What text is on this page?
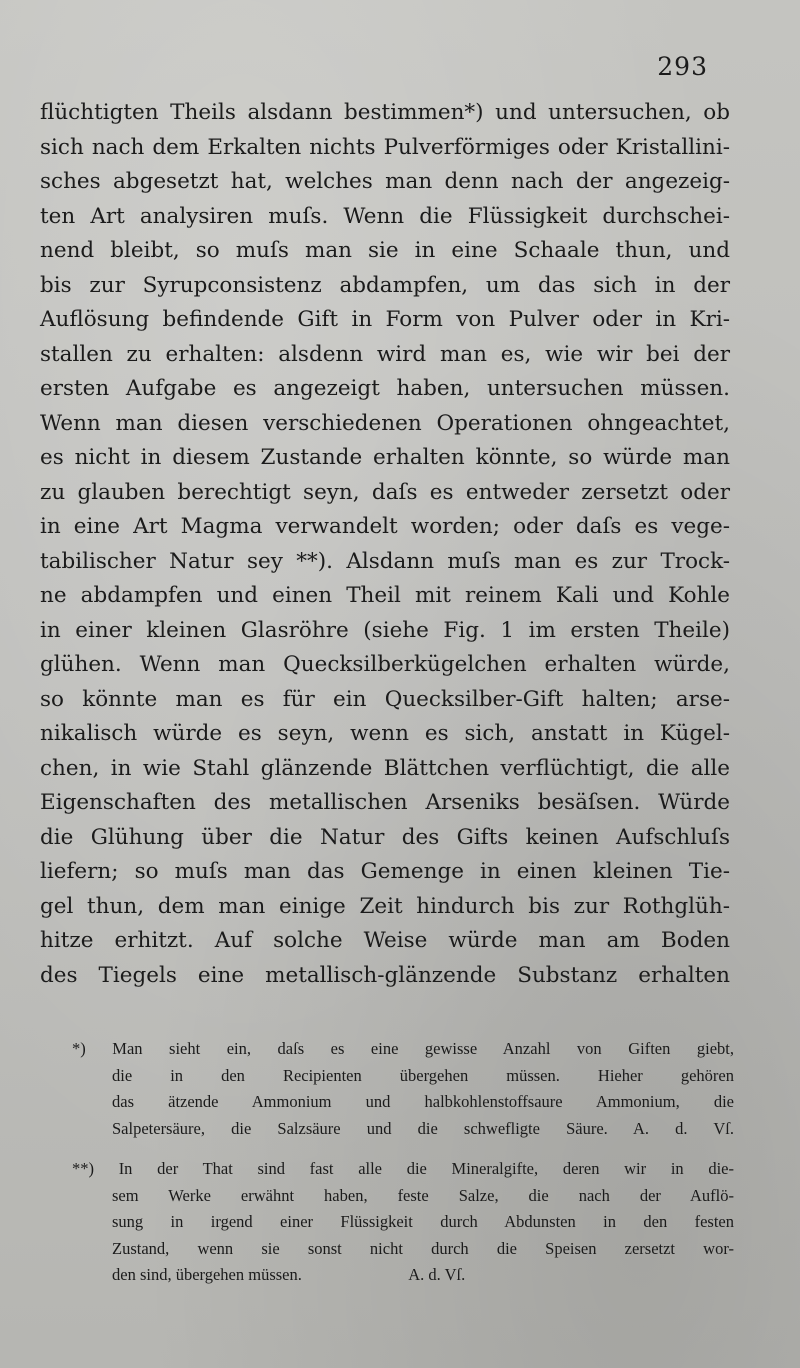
293
flüchtigten Theils alsdann bestimmen*) und untersuchen, ob
sich nach dem Erkalten nichts Pulverförmiges oder Kristallini-
sches abgesetzt hat, welches man denn nach der angezeig-
ten Art analysiren muſs. Wenn die Flüssigkeit durchschei-
nend bleibt, so muſs man sie in eine Schaale thun, und
bis zur Syrupconsistenz abdampfen, um das sich in der
Auflösung befindende Gift in Form von Pulver oder in Kri-
stallen zu erhalten: alsdenn wird man es, wie wir bei der
ersten Aufgabe es angezeigt haben, untersuchen müssen.
Wenn man diesen verschiedenen Operationen ohngeachtet,
es nicht in diesem Zustande erhalten könnte, so würde man
zu glauben berechtigt seyn, daſs es entweder zersetzt oder
in eine Art Magma verwandelt worden; oder daſs es vege-
tabilischer Natur sey **). Alsdann muſs man es zur Trock-
ne abdampfen und einen Theil mit reinem Kali und Kohle
in einer kleinen Glasröhre (siehe Fig. 1 im ersten Theile)
glühen. Wenn man Quecksilberkügelchen erhalten würde,
so könnte man es für ein Quecksilber-Gift halten; arse-
nikalisch würde es seyn, wenn es sich, anstatt in Kügel-
chen, in wie Stahl glänzende Blättchen verflüchtigt, die alle
Eigenschaften des metallischen Arseniks besäſsen. Würde
die Glühung über die Natur des Gifts keinen Aufschluſs
liefern; so muſs man das Gemenge in einen kleinen Tie-
gel thun, dem man einige Zeit hindurch bis zur Rothglüh-
hitze erhitzt. Auf solche Weise würde man am Boden
des Tiegels eine metallisch-glänzende Substanz erhalten
*) Man sieht ein, daſs es eine gewisse Anzahl von Giften giebt,
die in den Recipienten übergehen müssen. Hieher gehören
das ätzende Ammonium und halbkohlenstoffsaure Ammonium, die
Salpetersäure, die Salzsäure und die schwefligte Säure. A. d. Vſ.
**) In der That sind fast alle die Mineralgifte, deren wir in die-
sem Werke erwähnt haben, feste Salze, die nach der Auflö-
sung in irgend einer Flüssigkeit durch Abdunsten in den festen
Zustand, wenn sie sonst nicht durch die Speisen zersetzt wor-
den sind, übergehen müssen.                          A. d. Vſ.
